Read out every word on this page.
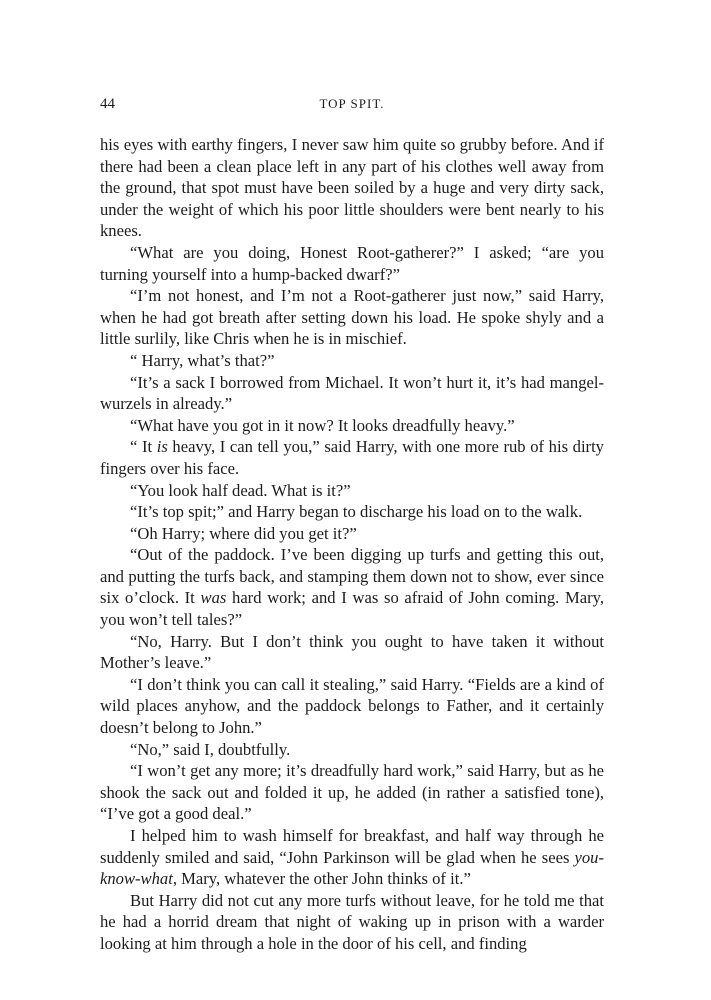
44	TOP SPIT.

his eyes with earthy fingers, I never saw him quite so grubby before. And if there had been a clean place left in any part of his clothes well away from the ground, that spot must have been soiled by a huge and very dirty sack, under the weight of which his poor little shoulders were bent nearly to his knees.

“What are you doing, Honest Root-gatherer?” I asked; “are you turning yourself into a hump-backed dwarf?”

“I’m not honest, and I’m not a Root-gatherer just now,” said Harry, when he had got breath after setting down his load. He spoke shyly and a little surlily, like Chris when he is in mischief.

“ Harry, what’s that?”

“It’s a sack I borrowed from Michael. It won’t hurt it, it’s had mangel-wurzels in already.”

“What have you got in it now? It looks dreadfully heavy.”

“ It is heavy, I can tell you,” said Harry, with one more rub of his dirty fingers over his face.

“You look half dead. What is it?”

“It’s top spit;” and Harry began to discharge his load on to the walk.

“Oh Harry; where did you get it?”

“Out of the paddock. I’ve been digging up turfs and getting this out, and putting the turfs back, and stamping them down not to show, ever since six o’clock. It was hard work; and I was so afraid of John coming. Mary, you won’t tell tales?”

“No, Harry. But I don’t think you ought to have taken it without Mother’s leave.”

“I don’t think you can call it stealing,” said Harry. “Fields are a kind of wild places anyhow, and the paddock belongs to Father, and it certainly doesn’t belong to John.”

“No,” said I, doubtfully.

“I won’t get any more; it’s dreadfully hard work,” said Harry, but as he shook the sack out and folded it up, he added (in rather a satisfied tone), “I’ve got a good deal.”

I helped him to wash himself for breakfast, and half way through he suddenly smiled and said, “John Parkinson will be glad when he sees you-know-what, Mary, whatever the other John thinks of it.”

But Harry did not cut any more turfs without leave, for he told me that he had a horrid dream that night of waking up in prison with a warder looking at him through a hole in the door of his cell, and finding
